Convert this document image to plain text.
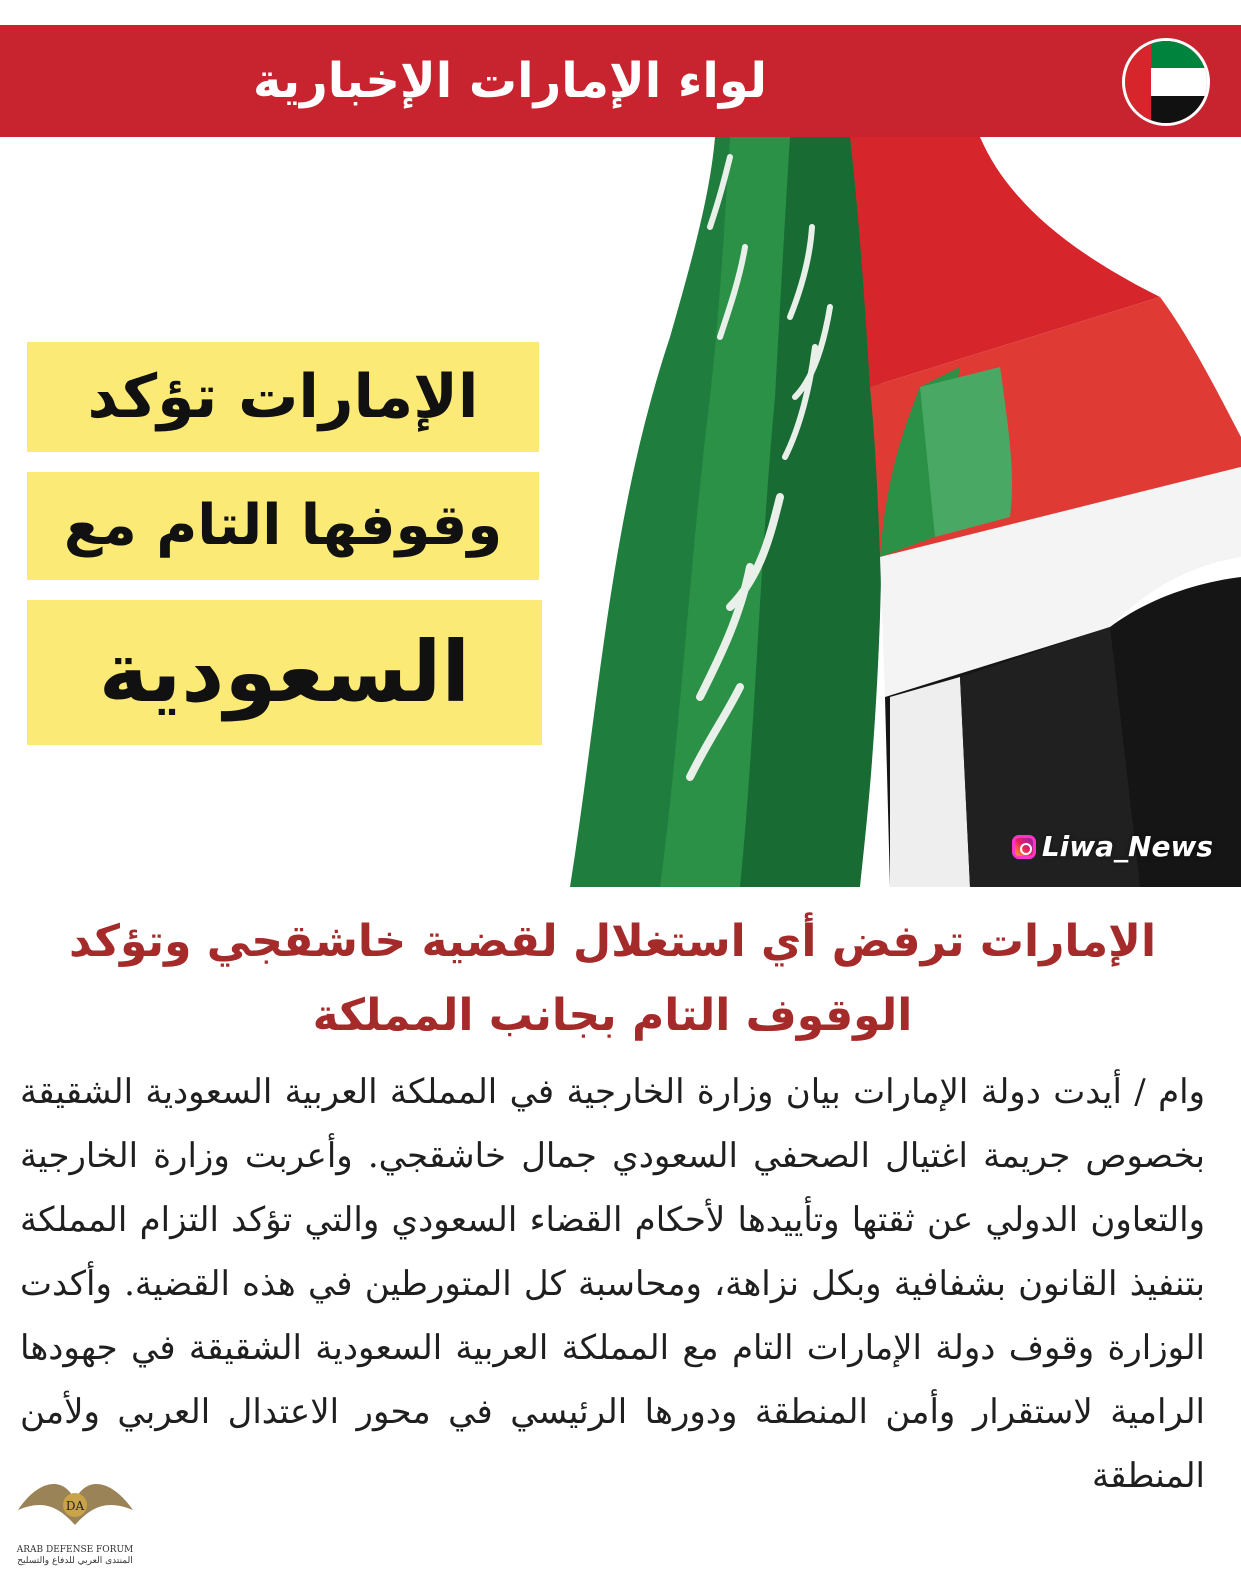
لواء الإمارات الإخبارية
الإمارات تؤكد
وقوفها التام مع
السعودية
Liwa_News
الإمارات ترفض أي استغلال لقضية خاشقجي وتؤكد الوقوف التام بجانب المملكة
وام / أيدت دولة الإمارات بيان وزارة الخارجية في المملكة العربية السعودية الشقيقة بخصوص جريمة اغتيال الصحفي السعودي جمال خاشقجي. وأعربت وزارة الخارجية والتعاون الدولي عن ثقتها وتأييدها لأحكام القضاء السعودي والتي تؤكد التزام المملكة بتنفيذ القانون بشفافية وبكل نزاهة، ومحاسبة كل المتورطين في هذه القضية. وأكدت الوزارة وقوف دولة الإمارات التام مع المملكة العربية السعودية الشقيقة في جهودها الرامية لاستقرار وأمن المنطقة ودورها الرئيسي في محور الاعتدال العربي ولأمن المنطقة
DA
ARAB DEFENSE FORUM
المنتدى العربي للدفاع والتسليح
